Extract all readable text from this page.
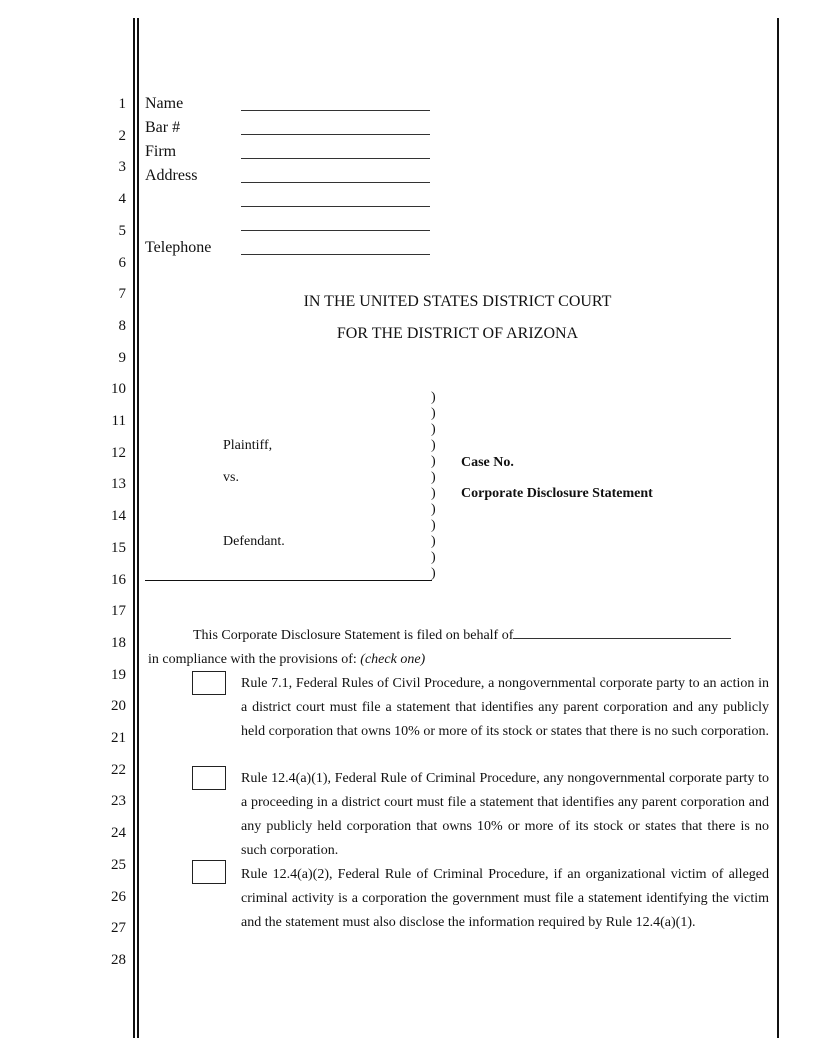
1
2
3
4
5
6
7
8
9
10
11
12
13
14
15
16
17
18
19
20
21
22
23
24
25
26
27
28
Name
Bar #
Firm
Address
Telephone
IN THE UNITED STATES DISTRICT COURT
FOR THE DISTRICT OF ARIZONA
Plaintiff,
vs.
Defendant.
)
)
)
)
)
)
)
)
)
)
)
)
Case No.
Corporate Disclosure Statement
This Corporate Disclosure Statement is filed on behalf of
in compliance with the provisions of: (check one)
Rule 7.1, Federal Rules of Civil Procedure, a nongovernmental corporate party to an action in a district court must file a statement that identifies any parent corporation and any publicly held corporation that owns 10% or more of its stock or states that there is no such corporation.
Rule 12.4(a)(1), Federal Rule of Criminal Procedure, any nongovernmental corporate party to a proceeding in a district court must file a statement that identifies any parent corporation and any publicly held corporation that owns 10% or more of its stock or states that there is no such corporation.
Rule 12.4(a)(2), Federal Rule of Criminal Procedure, if an organizational victim of alleged criminal activity is a corporation the government must file a statement identifying the victim and the statement must also disclose the information required by Rule 12.4(a)(1).
